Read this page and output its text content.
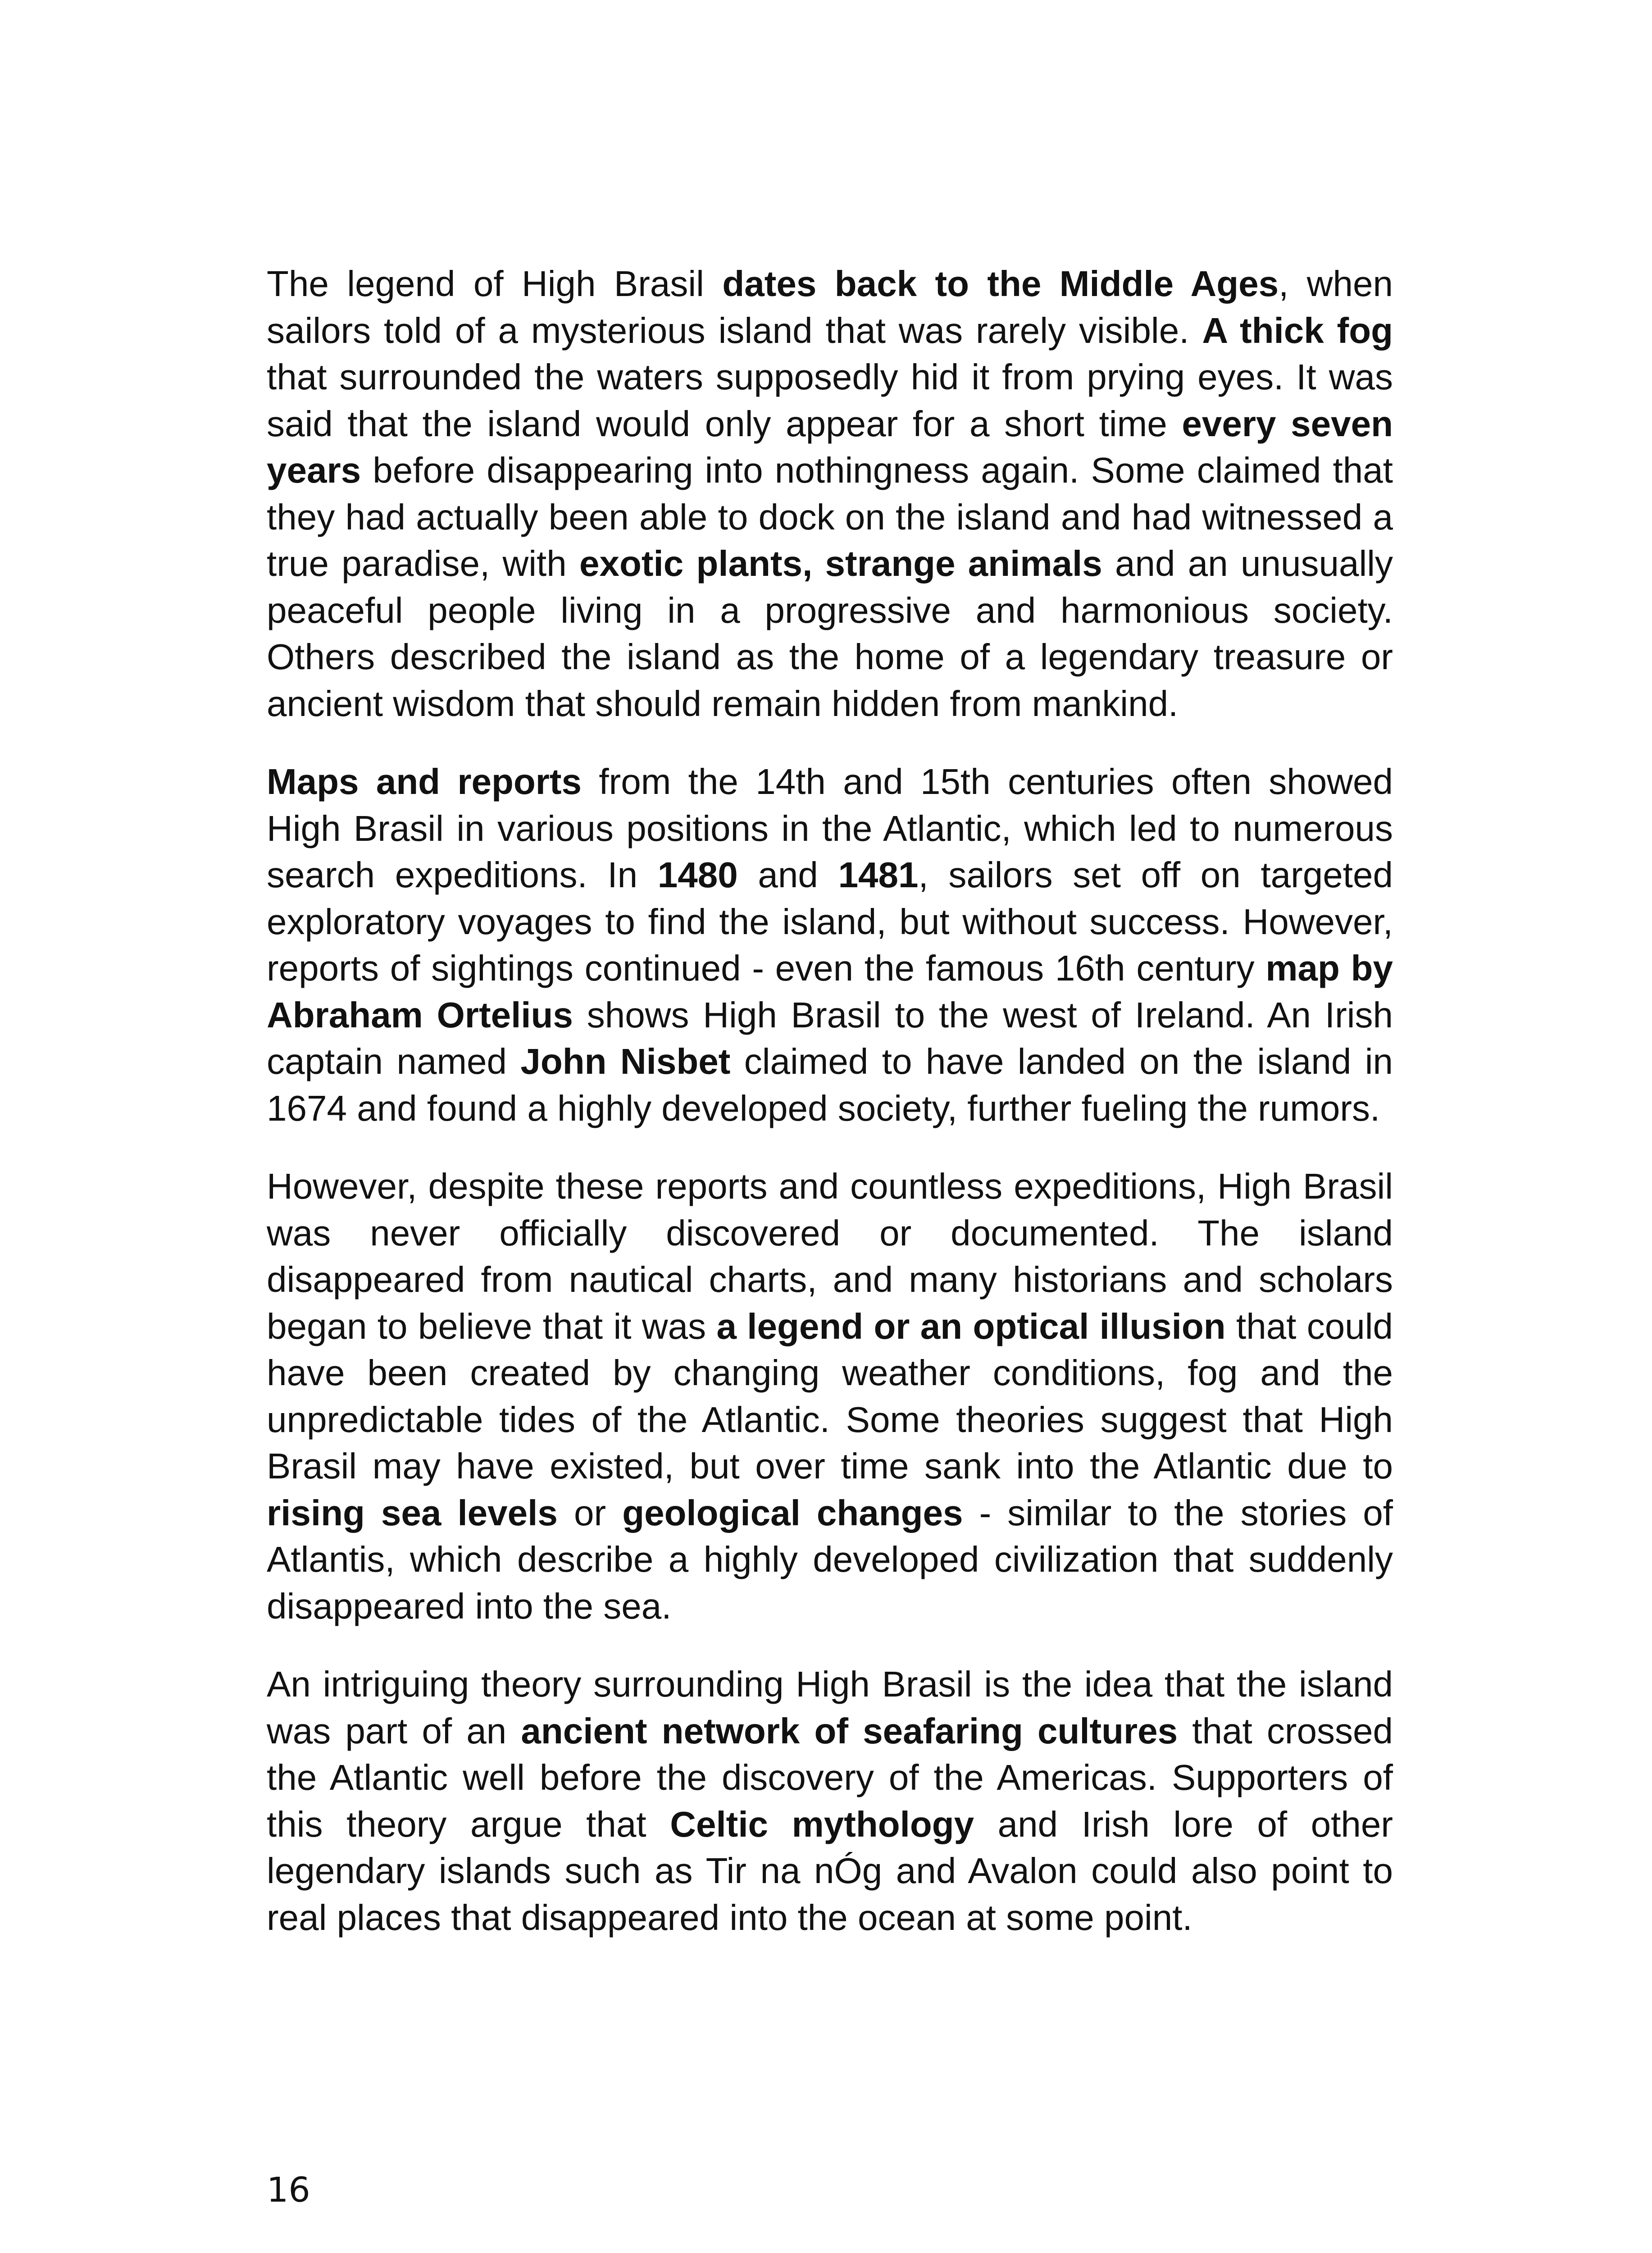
The legend of High Brasil dates back to the Middle Ages, when sailors told of a mysterious island that was rarely visible. A thick fog that surrounded the waters supposedly hid it from prying eyes. It was said that the island would only appear for a short time every seven years before disappearing into nothingness again. Some claimed that they had actually been able to dock on the island and had witnessed a true paradise, with exotic plants, strange animals and an unusually peaceful people living in a progressive and harmonious society. Others described the island as the home of a legendary treasure or ancient wisdom that should remain hidden from mankind.

Maps and reports from the 14th and 15th centuries often showed High Brasil in various positions in the Atlantic, which led to numerous search expeditions. In 1480 and 1481, sailors set off on targeted exploratory voyages to find the island, but without success. However, reports of sightings continued - even the famous 16th century map by Abraham Ortelius shows High Brasil to the west of Ireland. An Irish captain named John Nisbet claimed to have landed on the island in 1674 and found a highly developed society, further fueling the rumors.

However, despite these reports and countless expeditions, High Brasil was never officially discovered or documented. The island disappeared from nautical charts, and many historians and scholars began to believe that it was a legend or an optical illusion that could have been created by changing weather conditions, fog and the unpredictable tides of the Atlantic. Some theories suggest that High Brasil may have existed, but over time sank into the Atlantic due to rising sea levels or geological changes - similar to the stories of Atlantis, which describe a highly developed civilization that suddenly disappeared into the sea.

An intriguing theory surrounding High Brasil is the idea that the island was part of an ancient network of seafaring cultures that crossed the Atlantic well before the discovery of the Americas. Supporters of this theory argue that Celtic mythology and Irish lore of other legendary islands such as Tir na nÓg and Avalon could also point to real places that disappeared into the ocean at some point.

16
